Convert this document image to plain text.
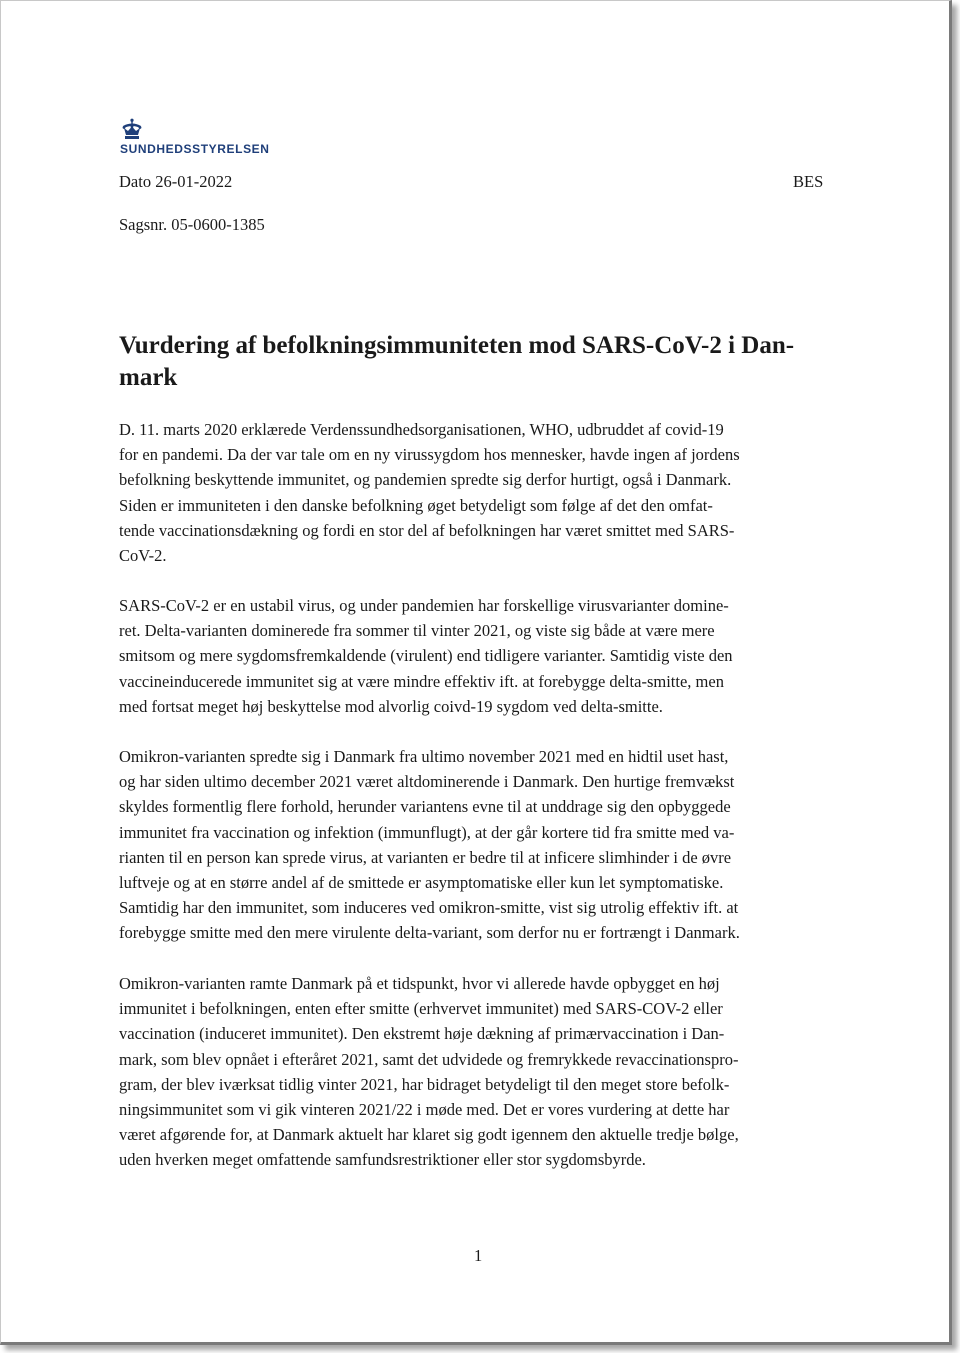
SUNDHEDSSTYRELSEN
Dato 26-01-2022	BES
Sagsnr. 05-0600-1385
Vurdering af befolkningsimmuniteten mod SARS-CoV-2 i Dan-
mark
D. 11. marts 2020 erklærede Verdenssundhedsorganisationen, WHO, udbruddet af covid-19
for en pandemi. Da der var tale om en ny virussygdom hos mennesker, havde ingen af jordens
befolkning beskyttende immunitet, og pandemien spredte sig derfor hurtigt, også i Danmark.
Siden er immuniteten i den danske befolkning øget betydeligt som følge af det den omfat-
tende vaccinationsdækning og fordi en stor del af befolkningen har været smittet med SARS-
CoV-2.
SARS-CoV-2 er en ustabil virus, og under pandemien har forskellige virusvarianter domine-
ret. Delta-varianten dominerede fra sommer til vinter 2021, og viste sig både at være mere
smitsom og mere sygdomsfremkaldende (virulent) end tidligere varianter. Samtidig viste den
vaccineinducerede immunitet sig at være mindre effektiv ift. at forebygge delta-smitte, men
med fortsat meget høj beskyttelse mod alvorlig coivd-19 sygdom ved delta-smitte.
Omikron-varianten spredte sig i Danmark fra ultimo november 2021 med en hidtil uset hast,
og har siden ultimo december 2021 været altdominerende i Danmark. Den hurtige fremvækst
skyldes formentlig flere forhold, herunder variantens evne til at unddrage sig den opbyggede
immunitet fra vaccination og infektion (immunflugt), at der går kortere tid fra smitte med va-
rianten til en person kan sprede virus, at varianten er bedre til at inficere slimhinder i de øvre
luftveje og at en større andel af de smittede er asymptomatiske eller kun let symptomatiske.
Samtidig har den immunitet, som induceres ved omikron-smitte, vist sig utrolig effektiv ift. at
forebygge smitte med den mere virulente delta-variant, som derfor nu er fortrængt i Danmark.
Omikron-varianten ramte Danmark på et tidspunkt, hvor vi allerede havde opbygget en høj
immunitet i befolkningen, enten efter smitte (erhvervet immunitet) med SARS-COV-2 eller
vaccination (induceret immunitet). Den ekstremt høje dækning af primærvaccination i Dan-
mark, som blev opnået i efteråret 2021, samt det udvidede og fremrykkede revaccinationspro-
gram, der blev iværksat tidlig vinter 2021, har bidraget betydeligt til den meget store befolk-
ningsimmunitet som vi gik vinteren 2021/22 i møde med. Det er vores vurdering at dette har
været afgørende for, at Danmark aktuelt har klaret sig godt igennem den aktuelle tredje bølge,
uden hverken meget omfattende samfundsrestriktioner eller stor sygdomsbyrde.
1
